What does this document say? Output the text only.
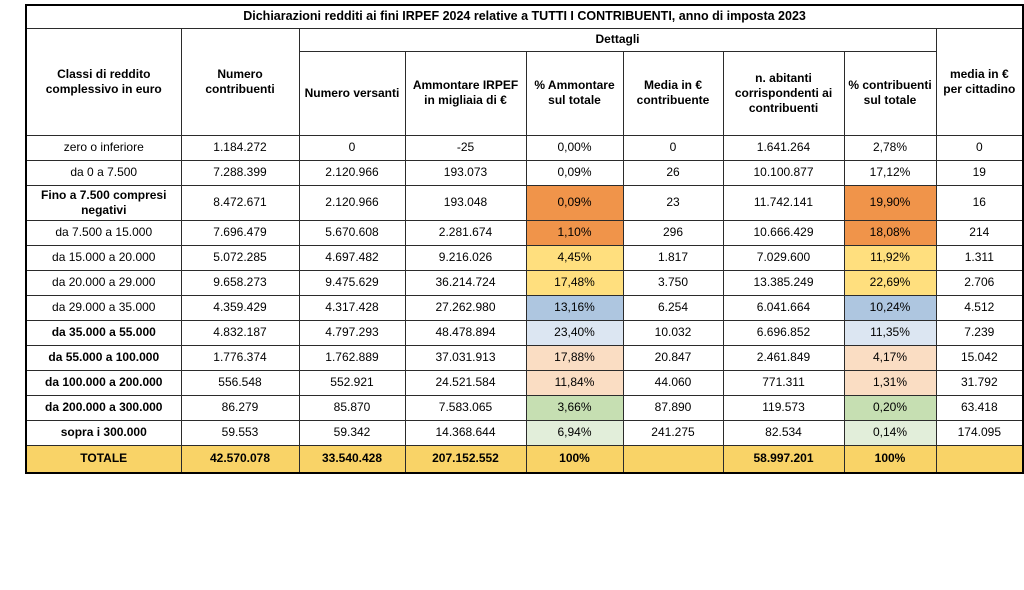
Dichiarazioni redditi ai fini IRPEF 2024 relative a TUTTI I CONTRIBUENTI, anno di imposta 2023								
Classi di reddito complessivo in euro	Numero contribuenti	Dettagli						media in € per cittadino
		Numero versanti	Ammontare IRPEF in migliaia di €	% Ammontare sul totale	Media in € contribuente	n. abitanti corrispondenti ai contribuenti	% contribuenti sul totale	
zero o inferiore	1.184.272	0	-25	0,00%	0	1.641.264	2,78%	0
da 0 a 7.500	7.288.399	2.120.966	193.073	0,09%	26	10.100.877	17,12%	19
Fino a 7.500 compresi negativi	8.472.671	2.120.966	193.048	0,09%	23	11.742.141	19,90%	16
da 7.500 a 15.000	7.696.479	5.670.608	2.281.674	1,10%	296	10.666.429	18,08%	214
da 15.000 a 20.000	5.072.285	4.697.482	9.216.026	4,45%	1.817	7.029.600	11,92%	1.311
da 20.000 a 29.000	9.658.273	9.475.629	36.214.724	17,48%	3.750	13.385.249	22,69%	2.706
da 29.000 a 35.000	4.359.429	4.317.428	27.262.980	13,16%	6.254	6.041.664	10,24%	4.512
da 35.000 a 55.000	4.832.187	4.797.293	48.478.894	23,40%	10.032	6.696.852	11,35%	7.239
da 55.000 a 100.000	1.776.374	1.762.889	37.031.913	17,88%	20.847	2.461.849	4,17%	15.042
da 100.000 a 200.000	556.548	552.921	24.521.584	11,84%	44.060	771.311	1,31%	31.792
da 200.000 a 300.000	86.279	85.870	7.583.065	3,66%	87.890	119.573	0,20%	63.418
sopra i 300.000	59.553	59.342	14.368.644	6,94%	241.275	82.534	0,14%	174.095
TOTALE	42.570.078	33.540.428	207.152.552	100%		58.997.201	100%	
